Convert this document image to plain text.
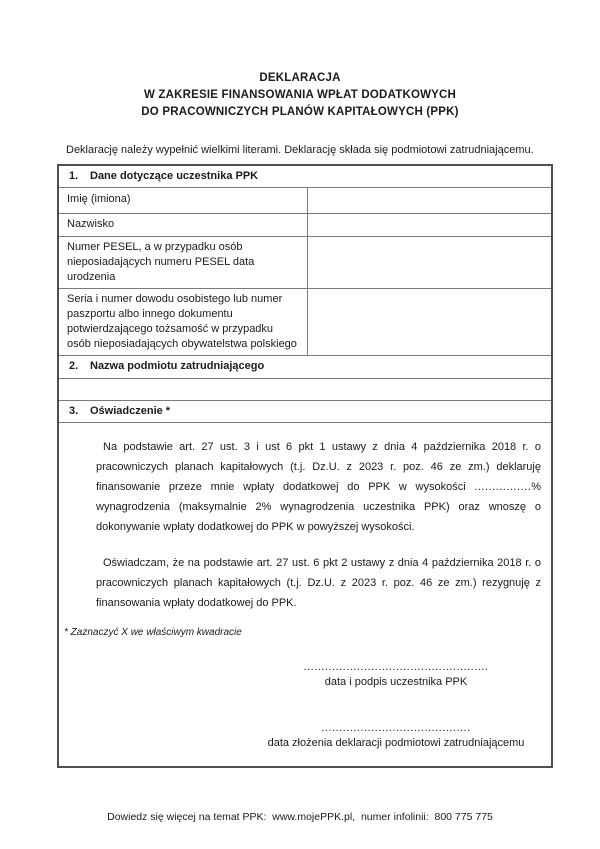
DEKLARACJA
W ZAKRESIE FINANSOWANIA WPŁAT DODATKOWYCH
DO PRACOWNICZYCH PLANÓW KAPITAŁOWYCH (PPK)
Deklarację należy wypełnić wielkimi literami. Deklarację składa się podmiotowi zatrudniającemu.
1. Dane dotyczące uczestnika PPK	
Imię (imiona)	
Nazwisko	
Numer PESEL, a w przypadku osób nieposiadających numeru PESEL data urodzenia	
Seria i numer dowodu osobistego lub numer paszportu albo innego dokumentu potwierdzającego tożsamość w przypadku osób nieposiadających obywatelstwa polskiego	
2. Nazwa podmiotu zatrudniającego	

3. Oświadczenie *	

Na podstawie art. 27 ust. 3 i ust 6 pkt 1 ustawy z dnia 4 października 2018 r. o pracowniczych planach kapitałowych (t.j. Dz.U. z 2023 r. poz. 46 ze zm.) deklaruję finansowanie przeze mnie wpłaty dodatkowej do PPK w wysokości ................% wynagrodzenia (maksymalnie 2% wynagrodzenia uczestnika PPK) oraz wnoszę o dokonywanie wpłaty dodatkowej do PPK w powyższej wysokości.

Oświadczam, że na podstawie art. 27 ust. 6 pkt 2 ustawy z dnia 4 października 2018 r. o pracowniczych planach kapitałowych (t.j. Dz.U. z 2023 r. poz. 46 ze zm.) rezygnuję z finansowania wpłaty dodatkowej do PPK.

* Zaznaczyć X we właściwym kwadracie
....................................................
data i podpis uczestnika PPK
..........................................
data złożenia deklaracji podmiotowi zatrudniającemu
Dowiedz się więcej na temat PPK:  www.mojePPK.pl,  numer infolinii:  800 775 775
